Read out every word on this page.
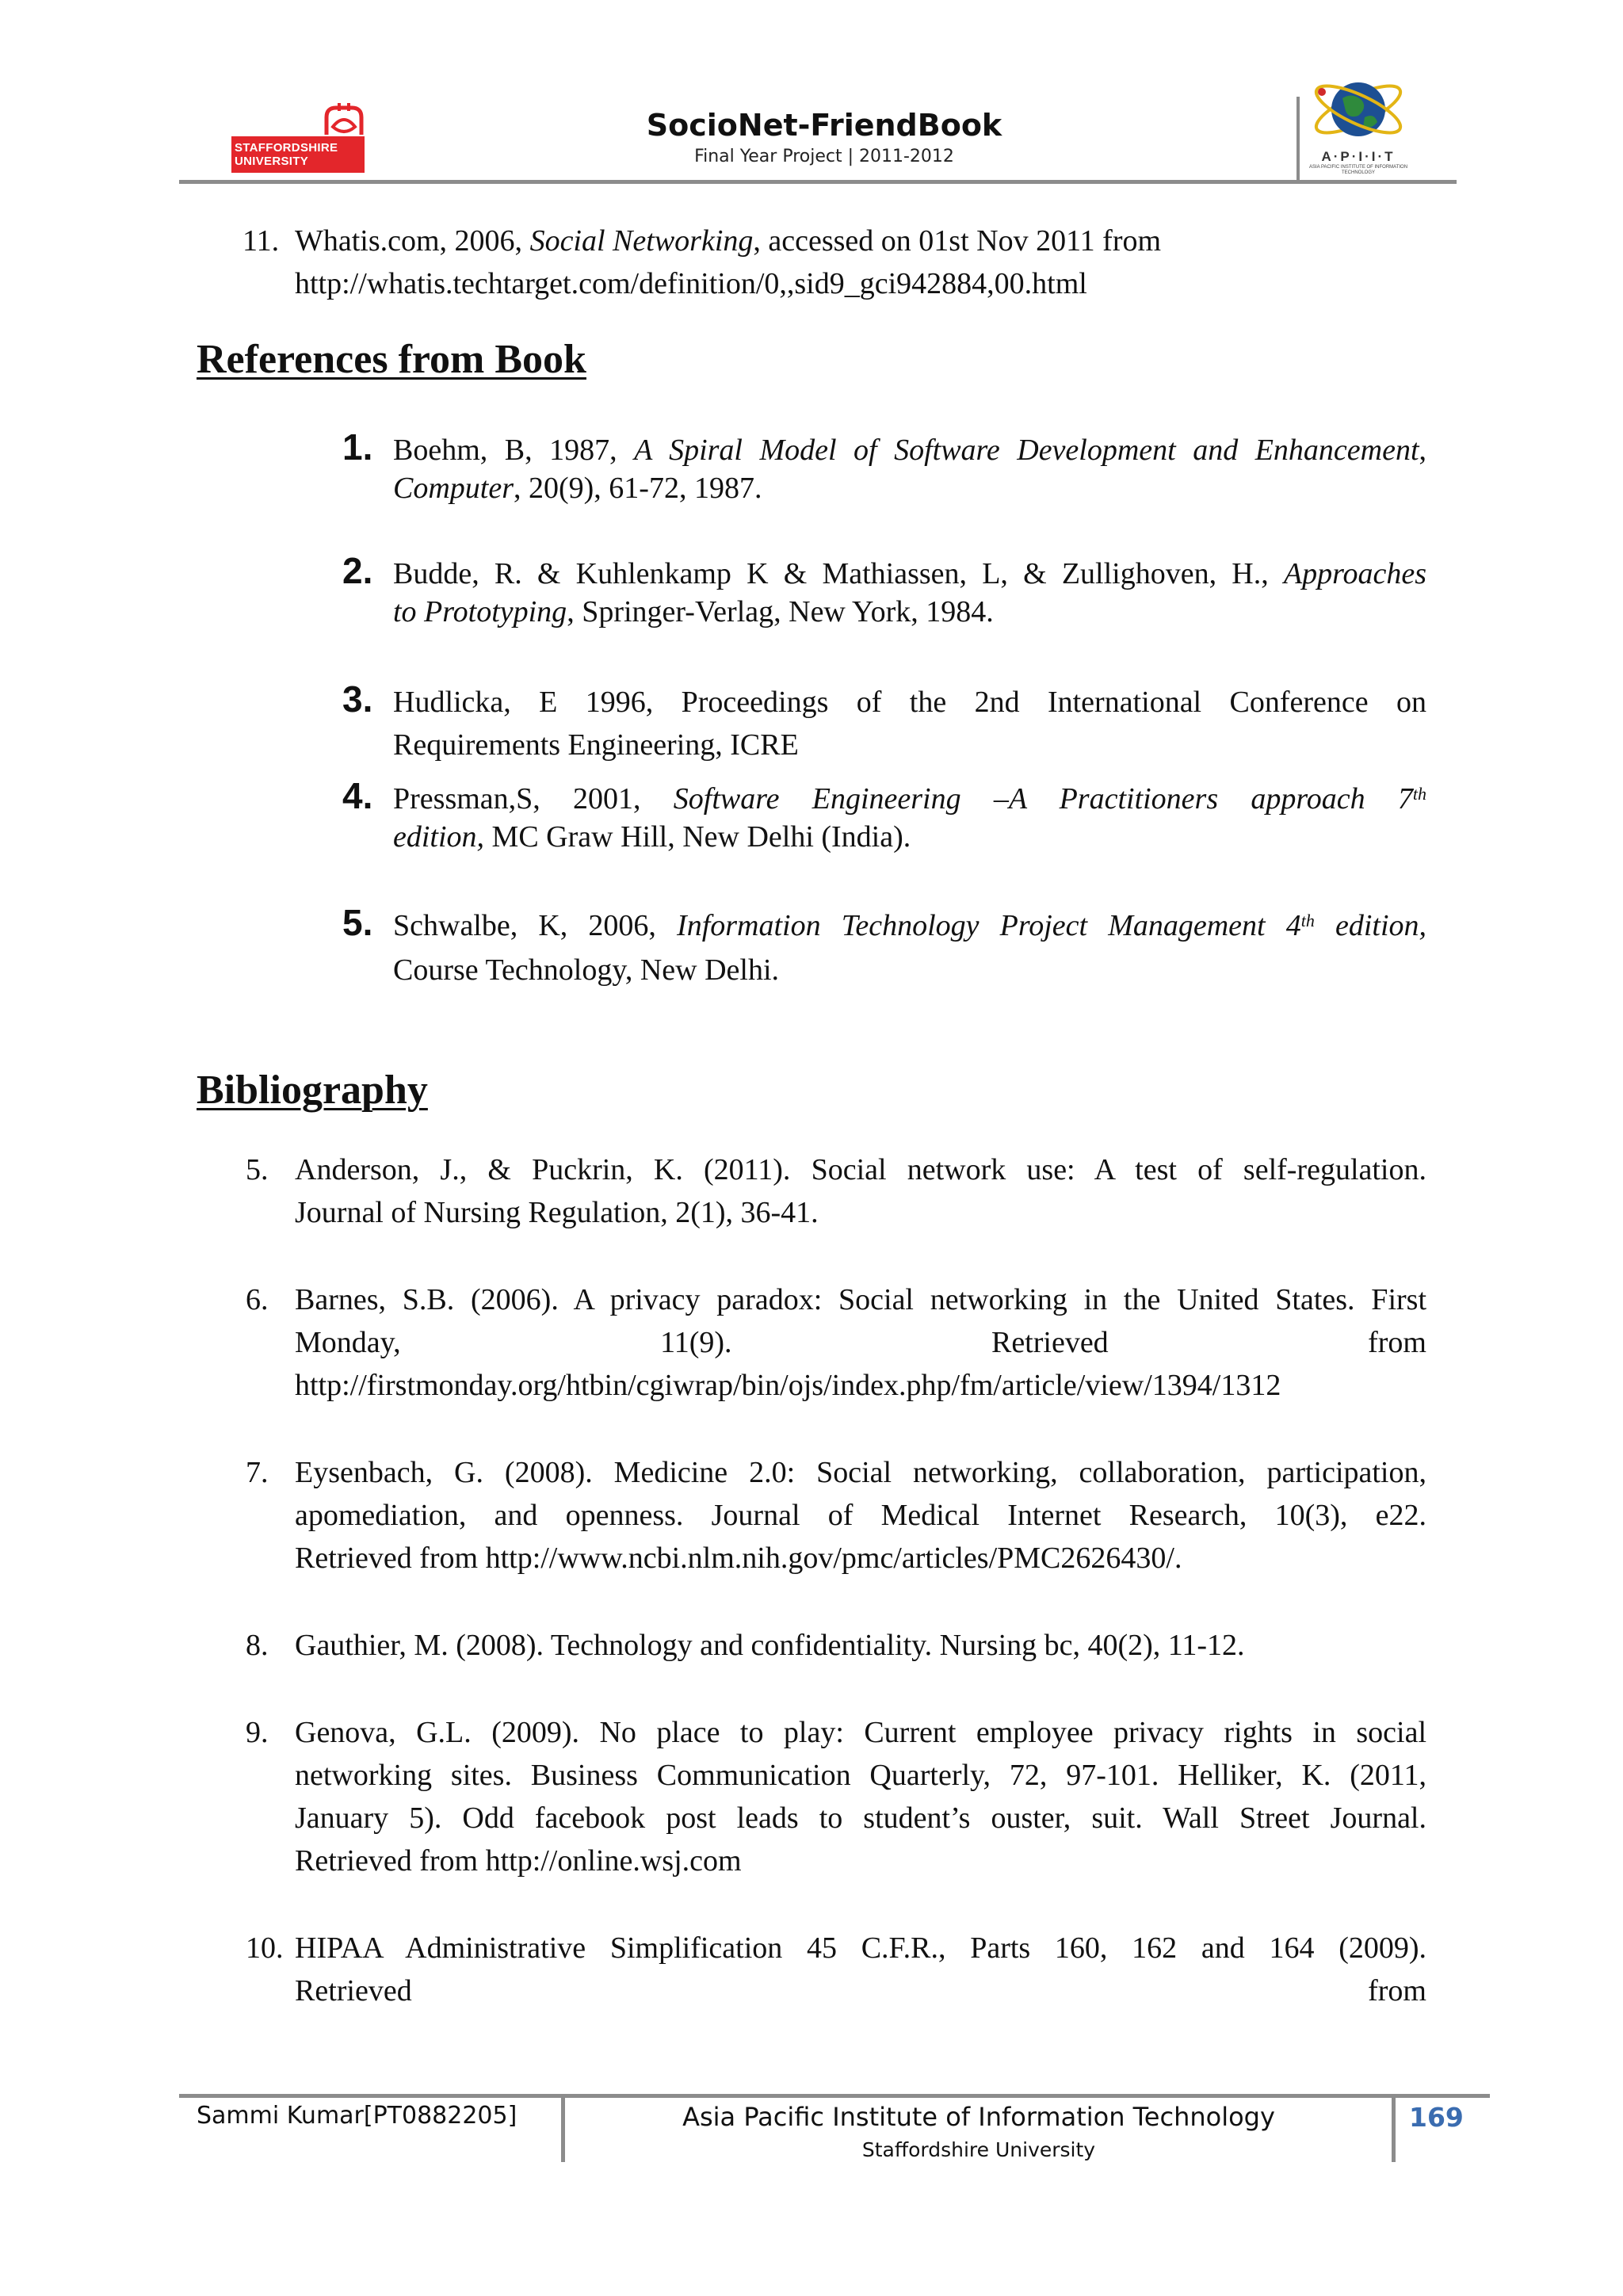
STAFFORDSHIRE UNIVERSITY
SocioNet-FriendBook
Final Year Project | 2011-2012	A·P·I·I·T
ASIA PACIFIC INSTITUTE OF INFORMATION TECHNOLOGY
11. Whatis.com, 2006, Social Networking, accessed on 01st Nov 2011 from
http://whatis.techtarget.com/definition/0,,sid9_gci942884,00.html
References from Book
1. Boehm, B, 1987, A Spiral Model of Software Development and Enhancement,
Computer, 20(9), 61-72, 1987.
2. Budde, R. & Kuhlenkamp K & Mathiassen, L, & Zullighoven, H., Approaches
to Prototyping, Springer-Verlag, New York, 1984.
3. Hudlicka, E 1996, Proceedings of the 2nd International Conference on
Requirements Engineering, ICRE
4. Pressman,S, 2001, Software Engineering –A Practitioners approach 7th
edition, MC Graw Hill, New Delhi (India).
5. Schwalbe, K, 2006, Information Technology Project Management 4th edition,
Course Technology, New Delhi.
Bibliography
5. Anderson, J., & Puckrin, K. (2011). Social network use: A test of self-regulation.
Journal of Nursing Regulation, 2(1), 36-41.
6. Barnes, S.B. (2006). A privacy paradox: Social networking in the United States. First
Monday,	11(9).	Retrieved	from
http://firstmonday.org/htbin/cgiwrap/bin/ojs/index.php/fm/article/view/1394/1312
7. Eysenbach, G. (2008). Medicine 2.0: Social networking, collaboration, participation,
apomediation, and openness. Journal of Medical Internet Research, 10(3), e22.
Retrieved from http://www.ncbi.nlm.nih.gov/pmc/articles/PMC2626430/.
8. Gauthier, M. (2008). Technology and confidentiality. Nursing bc, 40(2), 11-12.
9. Genova, G.L. (2009). No place to play: Current employee privacy rights in social
networking sites. Business Communication Quarterly, 72, 97-101. Helliker, K. (2011,
January 5). Odd facebook post leads to student’s ouster, suit. Wall Street Journal.
Retrieved from http://online.wsj.com
10. HIPAA Administrative Simplification 45 C.F.R., Parts 160, 162 and 164 (2009).
Retrieved	from
Sammi Kumar[PT0882205]	Asia Pacific Institute of Information Technology
Staffordshire University
169
